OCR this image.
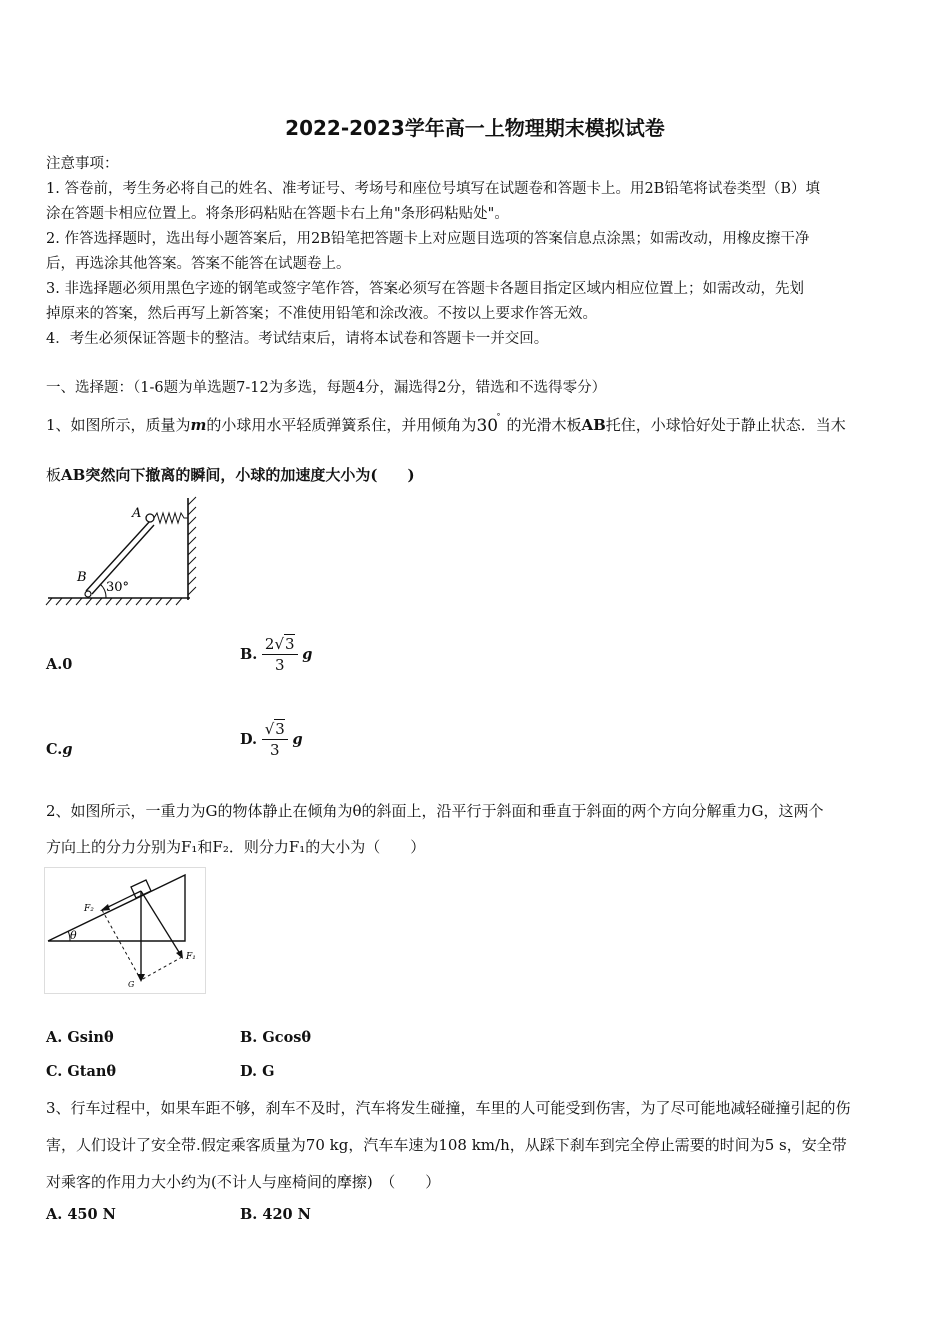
2022-2023学年高一上物理期末模拟试卷
注意事项：
1. 答卷前，考生务必将自己的姓名、准考证号、考场号和座位号填写在试题卷和答题卡上。用2B铅笔将试卷类型（B）填
涂在答题卡相应位置上。将条形码粘贴在答题卡右上角"条形码粘贴处"。
2. 作答选择题时，选出每小题答案后，用2B铅笔把答题卡上对应题目选项的答案信息点涂黑；如需改动，用橡皮擦干净
后，再选涂其他答案。答案不能答在试题卷上。
3. 非选择题必须用黑色字迹的钢笔或签字笔作答，答案必须写在答题卡各题目指定区域内相应位置上；如需改动，先划
掉原来的答案，然后再写上新答案；不准使用铅笔和涂改液。不按以上要求作答无效。
4．考生必须保证答题卡的整洁。考试结束后，请将本试卷和答题卡一并交回。
一、选择题：（1-6题为单选题7-12为多选，每题4分，漏选得2分，错选和不选得零分）
1、如图所示，质量为m的小球用水平轻质弹簧系住，并用倾角为 30
° 的光滑木板AB托住，小球恰好处于静止状态．当木
板AB突然向下撤离的瞬间，小球的加速度大小为(　　)
A
B
30°
A.0
B. $\frac{2√3}{3}$ g
C.g
D. $\frac{√3}{3}$ g
2、如图所示，一重力为G的物体静止在倾角为θ的斜面上，沿平行于斜面和垂直于斜面的两个方向分解重力G，这两个
方向上的分力分别为F₁和F₂．则分力F₁的大小为（　　）
θ
F₂
F₁
G
A. Gsinθ	B. Gcosθ
C. Gtanθ	D. G
3、行车过程中，如果车距不够，刹车不及时，汽车将发生碰撞，车里的人可能受到伤害，为了尽可能地减轻碰撞引起的伤
害，人们设计了安全带.假定乘客质量为70 kg，汽车车速为108 km/h，从踩下刹车到完全停止需要的时间为5 s，安全带
对乘客的作用力大小约为(不计人与座椅间的摩擦)　（　　）
A. 450 N	B. 420 N
